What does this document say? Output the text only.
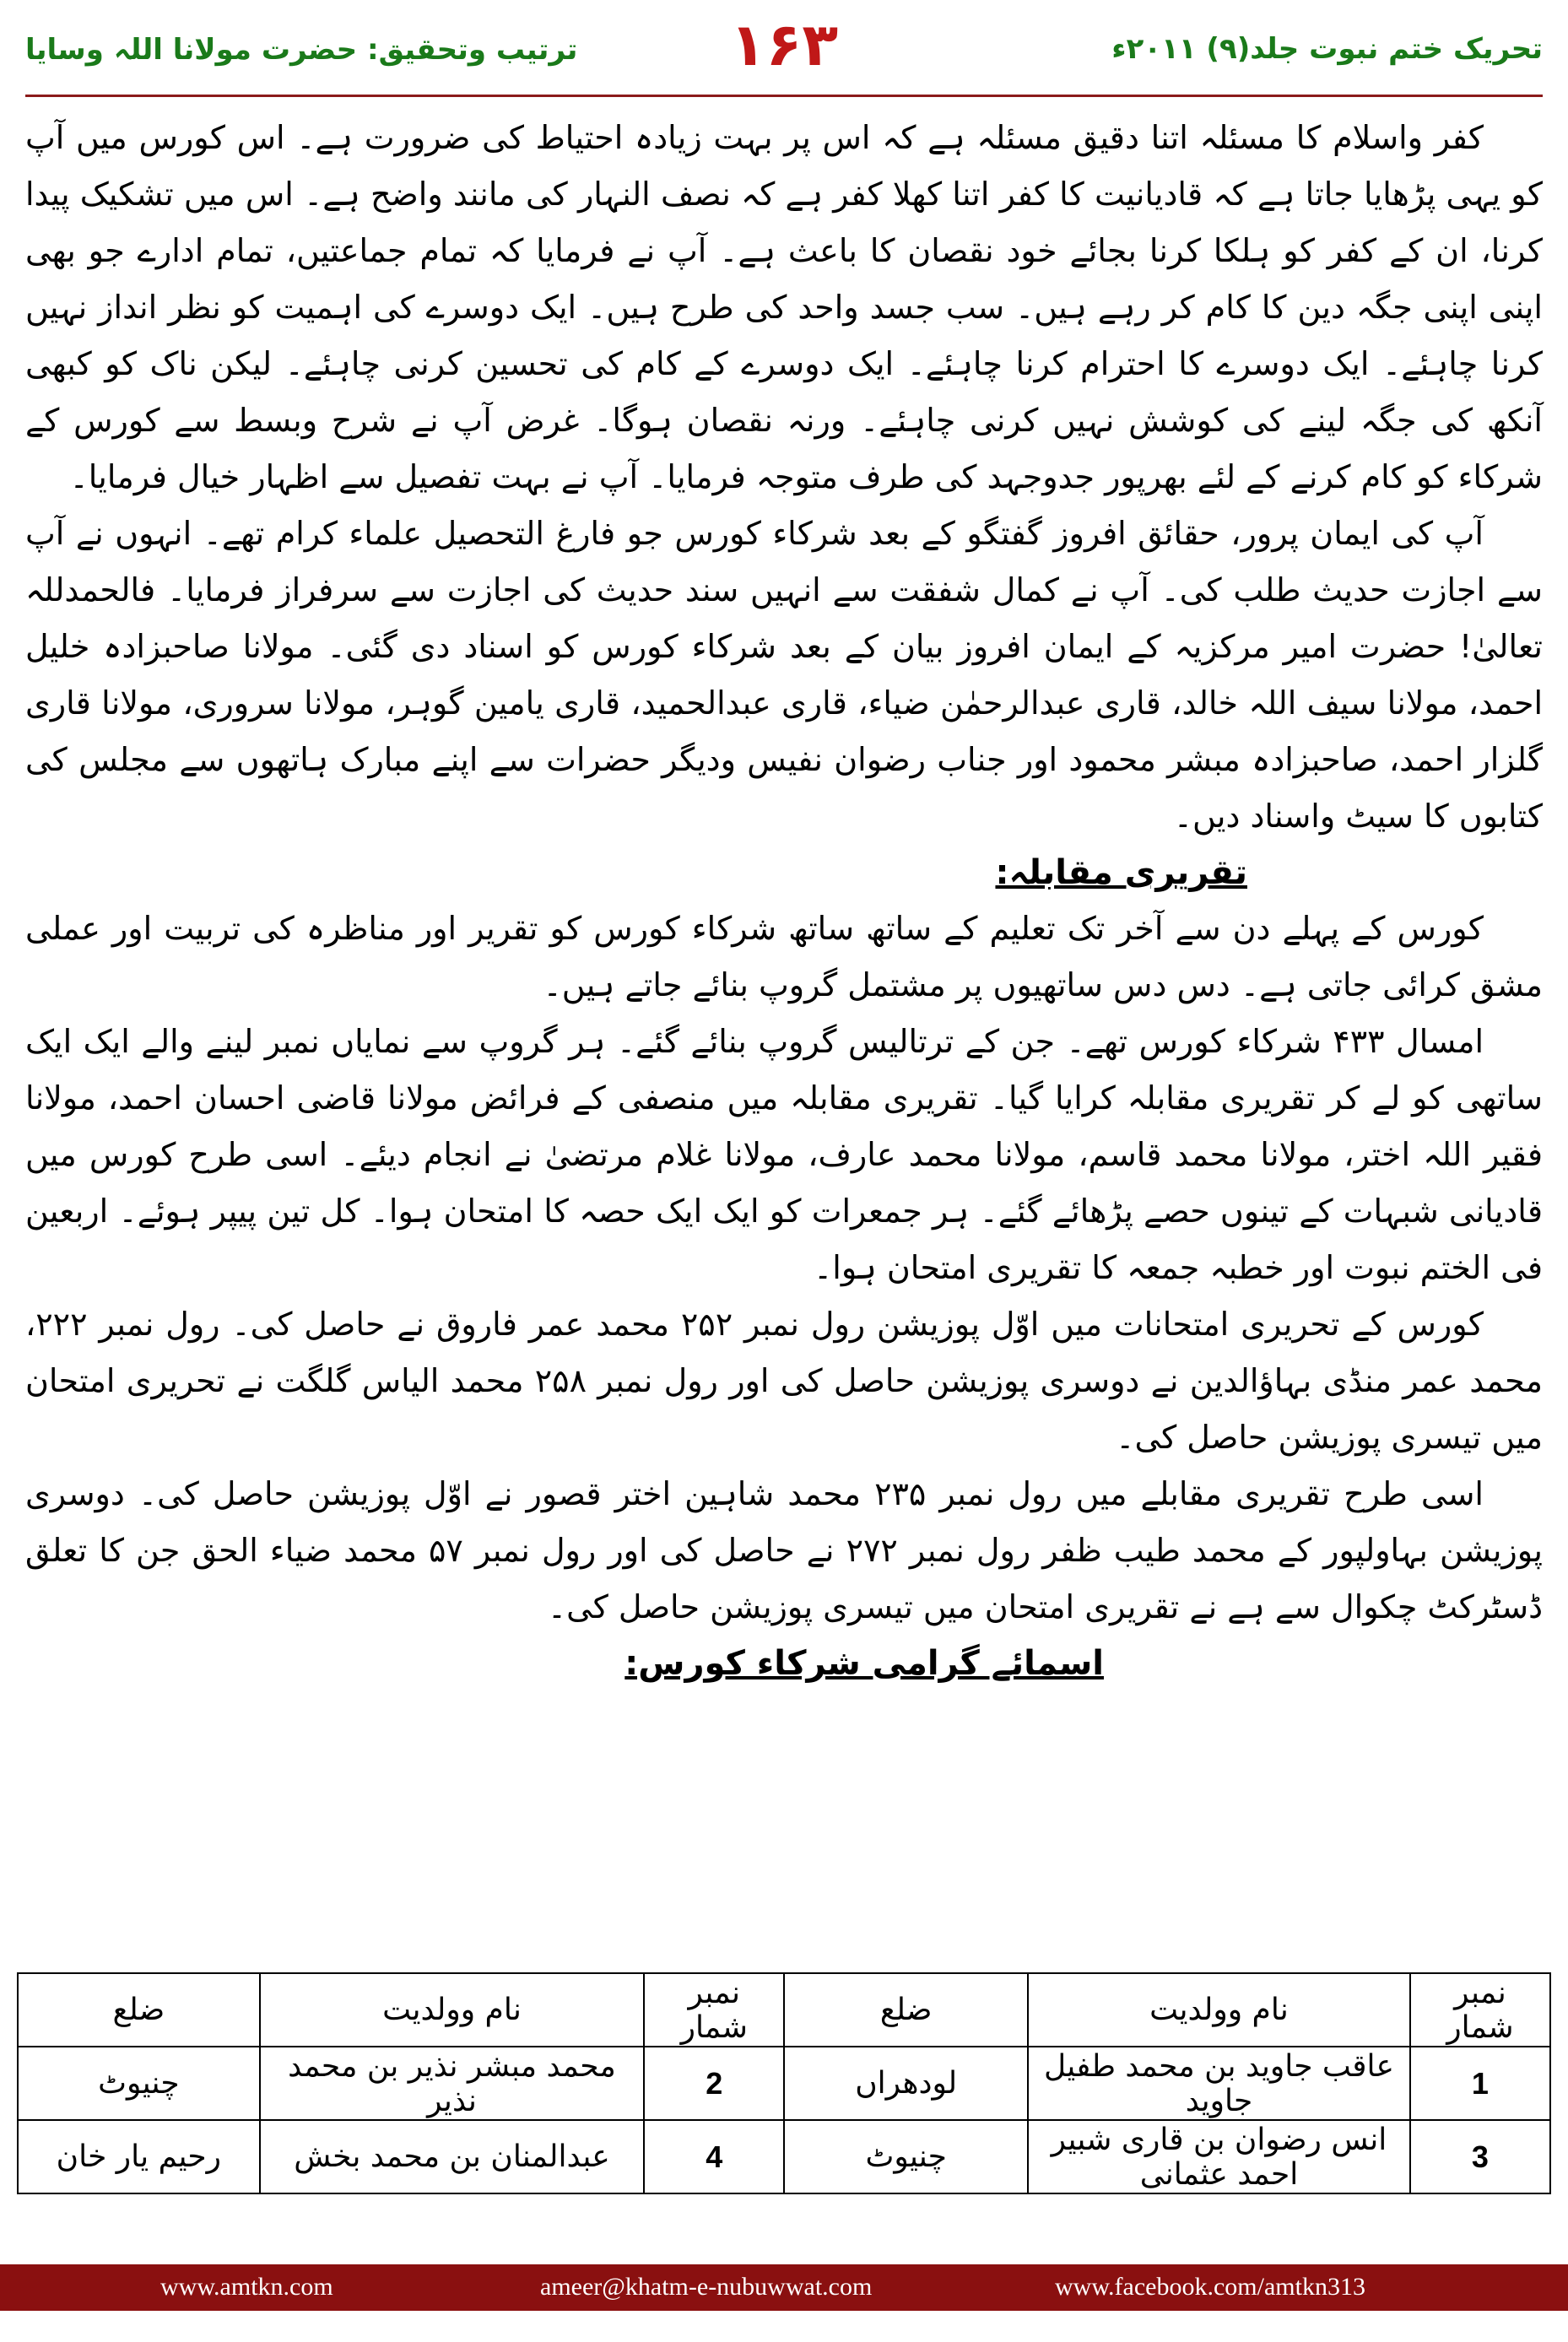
تحریک ختم نبوت جلد(۹) ۲۰۱۱ء
۱۶۳
ترتیب وتحقیق: حضرت مولانا اللہ وسایا

کفر واسلام کا مسئلہ اتنا دقیق مسئلہ ہے کہ اس پر بہت زیادہ احتیاط کی ضرورت ہے۔ اس کورس میں آپ کو یہی پڑھایا جاتا ہے کہ قادیانیت کا کفر اتنا کھلا کفر ہے کہ نصف النہار کی مانند واضح ہے۔ اس میں تشکیک پیدا کرنا، ان کے کفر کو ہلکا کرنا بجائے خود نقصان کا باعث ہے۔ آپ نے فرمایا کہ تمام جماعتیں، تمام ادارے جو بھی اپنی اپنی جگہ دین کا کام کر رہے ہیں۔ سب جسد واحد کی طرح ہیں۔ ایک دوسرے کی اہمیت کو نظر انداز نہیں کرنا چاہئے۔ ایک دوسرے کا احترام کرنا چاہئے۔ ایک دوسرے کے کام کی تحسین کرنی چاہئے۔ لیکن ناک کو کبھی آنکھ کی جگہ لینے کی کوشش نہیں کرنی چاہئے۔ ورنہ نقصان ہوگا۔ غرض آپ نے شرح وبسط سے کورس کے شرکاء کو کام کرنے کے لئے بھرپور جدوجہد کی طرف متوجہ فرمایا۔ آپ نے بہت تفصیل سے اظہار خیال فرمایا۔

آپ کی ایمان پرور، حقائق افروز گفتگو کے بعد شرکاء کورس جو فارغ التحصیل علماء کرام تھے۔ انہوں نے آپ سے اجازت حدیث طلب کی۔ آپ نے کمال شفقت سے انہیں سند حدیث کی اجازت سے سرفراز فرمایا۔ فالحمدللہ تعالیٰ! حضرت امیر مرکزیہ کے ایمان افروز بیان کے بعد شرکاء کورس کو اسناد دی گئی۔ مولانا صاحبزادہ خلیل احمد، مولانا سیف اللہ خالد، قاری عبدالرحمٰن ضیاء، قاری عبدالحمید، قاری یامین گوہر، مولانا سروری، مولانا قاری گلزار احمد، صاحبزادہ مبشر محمود اور جناب رضوان نفیس ودیگر حضرات سے اپنے مبارک ہاتھوں سے مجلس کی کتابوں کا سیٹ واسناد دیں۔

تقریری مقابلہ:

کورس کے پہلے دن سے آخر تک تعلیم کے ساتھ ساتھ شرکاء کورس کو تقریر اور مناظرہ کی تربیت اور عملی مشق کرائی جاتی ہے۔ دس دس ساتھیوں پر مشتمل گروپ بنائے جاتے ہیں۔

امسال ۴۳۳ شرکاء کورس تھے۔ جن کے ترتالیس گروپ بنائے گئے۔ ہر گروپ سے نمایاں نمبر لینے والے ایک ایک ساتھی کو لے کر تقریری مقابلہ کرایا گیا۔ تقریری مقابلہ میں منصفی کے فرائض مولانا قاضی احسان احمد، مولانا فقیر اللہ اختر، مولانا محمد قاسم، مولانا محمد عارف، مولانا غلام مرتضیٰ نے انجام دیئے۔ اسی طرح کورس میں قادیانی شبہات کے تینوں حصے پڑھائے گئے۔ ہر جمعرات کو ایک ایک حصہ کا امتحان ہوا۔ کل تین پیپر ہوئے۔ اربعین فی الختم نبوت اور خطبہ جمعہ کا تقریری امتحان ہوا۔

کورس کے تحریری امتحانات میں اوّل پوزیشن رول نمبر ۲۵۲ محمد عمر فاروق نے حاصل کی۔ رول نمبر ۲۲۲، محمد عمر منڈی بہاؤالدین نے دوسری پوزیشن حاصل کی اور رول نمبر ۲۵۸ محمد الیاس گلگت نے تحریری امتحان میں تیسری پوزیشن حاصل کی۔

اسی طرح تقریری مقابلے میں رول نمبر ۲۳۵ محمد شاہین اختر قصور نے اوّل پوزیشن حاصل کی۔ دوسری پوزیشن بہاولپور کے محمد طیب ظفر رول نمبر ۲۷۲ نے حاصل کی اور رول نمبر ۵۷ محمد ضیاء الحق جن کا تعلق ڈسٹرکٹ چکوال سے ہے نے تقریری امتحان میں تیسری پوزیشن حاصل کی۔

اسمائے گرامی شرکاء کورس:

نمبر شمار	نام وولدیت	ضلع	نمبر شمار	نام وولدیت	ضلع
1	عاقب جاوید بن محمد طفیل جاوید	لودھراں	2	محمد مبشر نذیر بن محمد نذیر	چنیوٹ
3	انس رضوان بن قاری شبیر احمد عثمانی	چنیوٹ	4	عبدالمنان بن محمد بخش	رحیم یار خان
www.amtkn.com	ameer@khatm-e-nubuwwat.com	www.facebook.com/amtkn313
